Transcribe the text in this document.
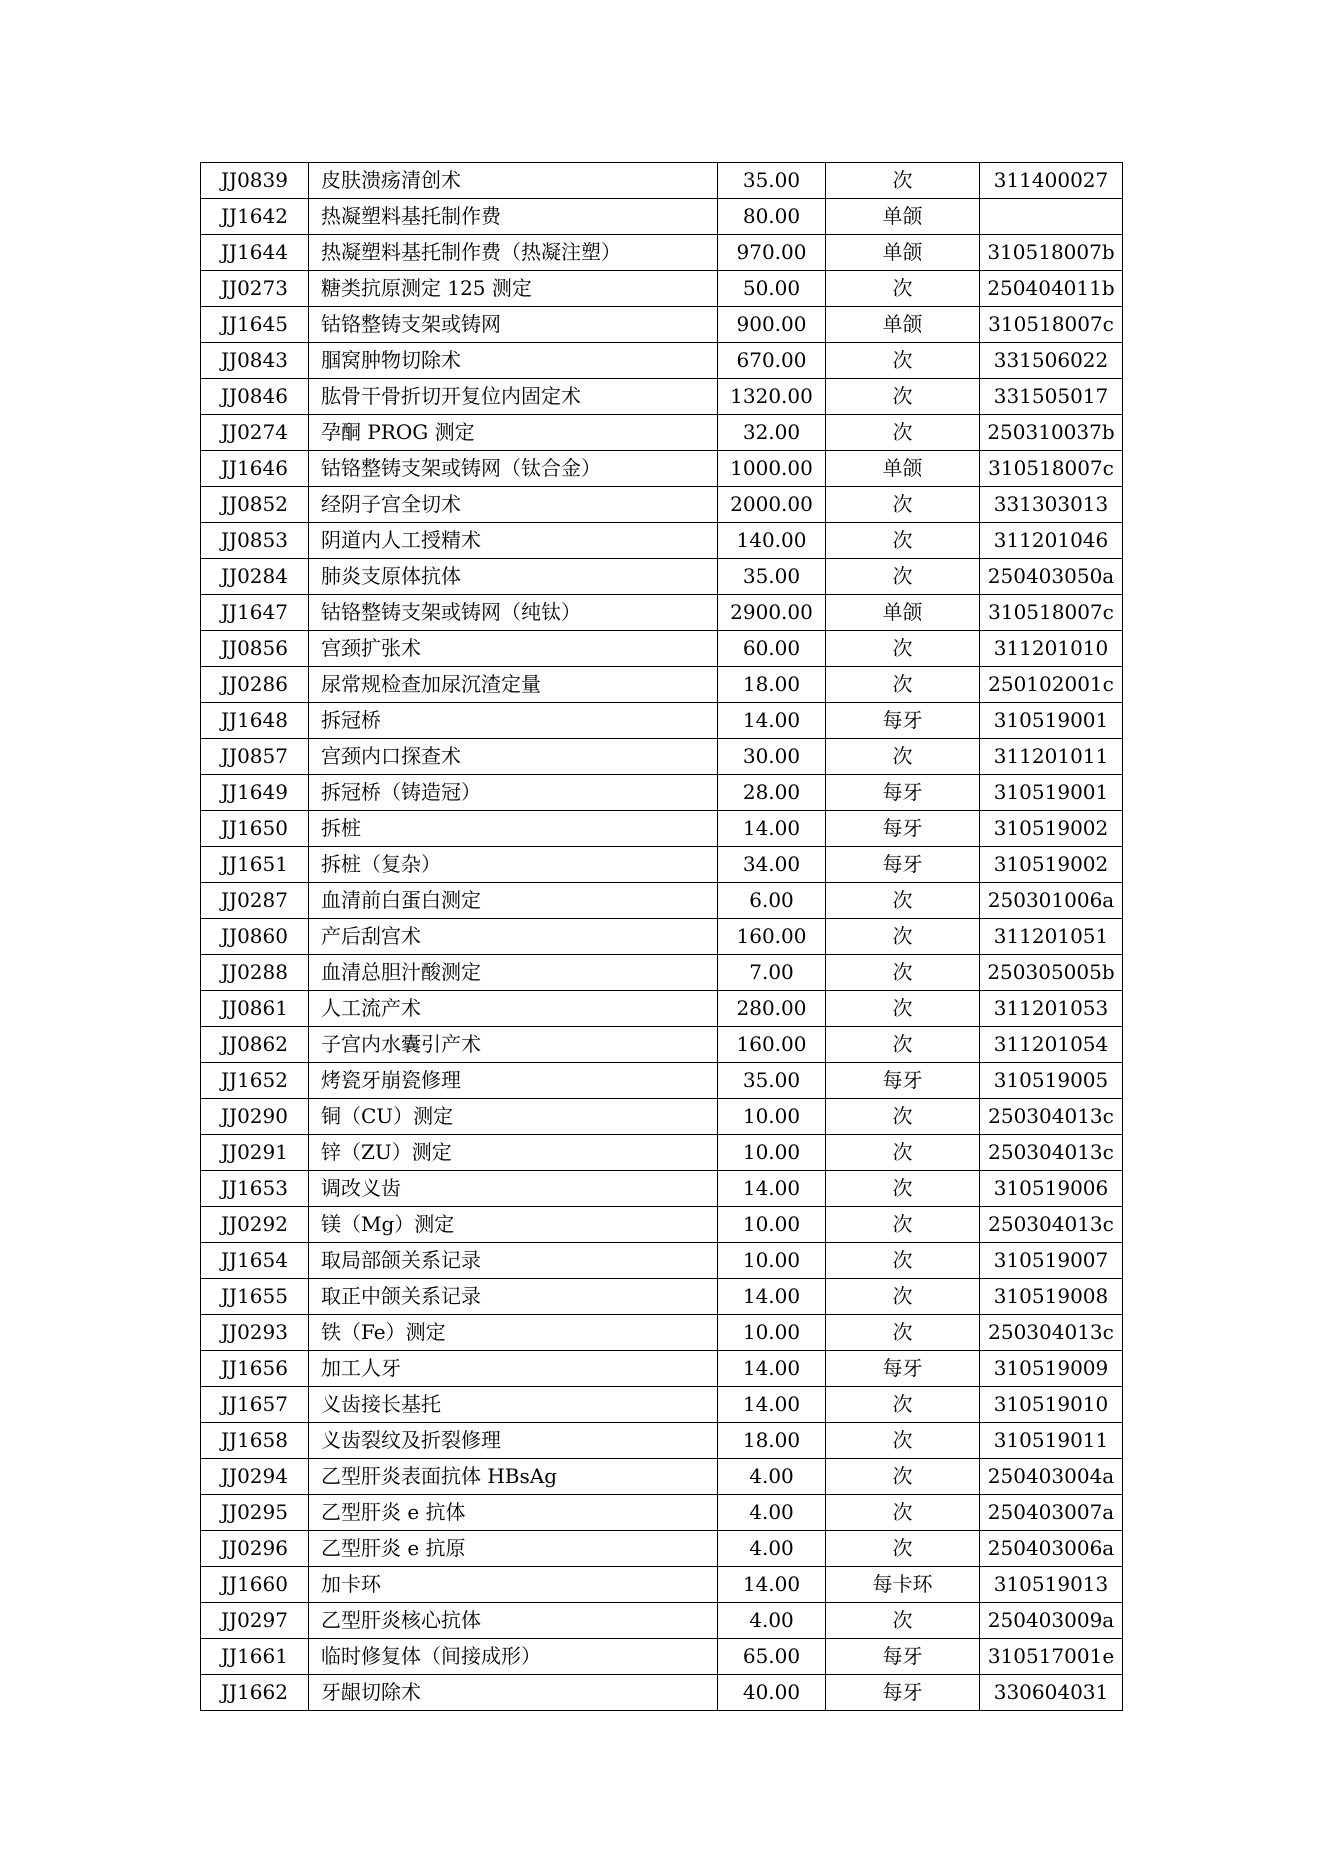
JJ0839	皮肤溃疡清创术	35.00	次	311400027
JJ1642	热凝塑料基托制作费	80.00	单颌	
JJ1644	热凝塑料基托制作费（热凝注塑）	970.00	单颌	310518007b
JJ0273	糖类抗原测定 125 测定	50.00	次	250404011b
JJ1645	钴铬整铸支架或铸网	900.00	单颌	310518007c
JJ0843	腘窝肿物切除术	670.00	次	331506022
JJ0846	肱骨干骨折切开复位内固定术	1320.00	次	331505017
JJ0274	孕酮 PROG 测定	32.00	次	250310037b
JJ1646	钴铬整铸支架或铸网（钛合金）	1000.00	单颌	310518007c
JJ0852	经阴子宫全切术	2000.00	次	331303013
JJ0853	阴道内人工授精术	140.00	次	311201046
JJ0284	肺炎支原体抗体	35.00	次	250403050a
JJ1647	钴铬整铸支架或铸网（纯钛）	2900.00	单颌	310518007c
JJ0856	宫颈扩张术	60.00	次	311201010
JJ0286	尿常规检查加尿沉渣定量	18.00	次	250102001c
JJ1648	拆冠桥	14.00	每牙	310519001
JJ0857	宫颈内口探查术	30.00	次	311201011
JJ1649	拆冠桥（铸造冠）	28.00	每牙	310519001
JJ1650	拆桩	14.00	每牙	310519002
JJ1651	拆桩（复杂）	34.00	每牙	310519002
JJ0287	血清前白蛋白测定	6.00	次	250301006a
JJ0860	产后刮宫术	160.00	次	311201051
JJ0288	血清总胆汁酸测定	7.00	次	250305005b
JJ0861	人工流产术	280.00	次	311201053
JJ0862	子宫内水囊引产术	160.00	次	311201054
JJ1652	烤瓷牙崩瓷修理	35.00	每牙	310519005
JJ0290	铜（CU）测定	10.00	次	250304013c
JJ0291	锌（ZU）测定	10.00	次	250304013c
JJ1653	调改义齿	14.00	次	310519006
JJ0292	镁（Mg）测定	10.00	次	250304013c
JJ1654	取局部颌关系记录	10.00	次	310519007
JJ1655	取正中颌关系记录	14.00	次	310519008
JJ0293	铁（Fe）测定	10.00	次	250304013c
JJ1656	加工人牙	14.00	每牙	310519009
JJ1657	义齿接长基托	14.00	次	310519010
JJ1658	义齿裂纹及折裂修理	18.00	次	310519011
JJ0294	乙型肝炎表面抗体 HBsAg	4.00	次	250403004a
JJ0295	乙型肝炎 e 抗体	4.00	次	250403007a
JJ0296	乙型肝炎 e 抗原	4.00	次	250403006a
JJ1660	加卡环	14.00	每卡环	310519013
JJ0297	乙型肝炎核心抗体	4.00	次	250403009a
JJ1661	临时修复体（间接成形）	65.00	每牙	310517001e
JJ1662	牙龈切除术	40.00	每牙	330604031
